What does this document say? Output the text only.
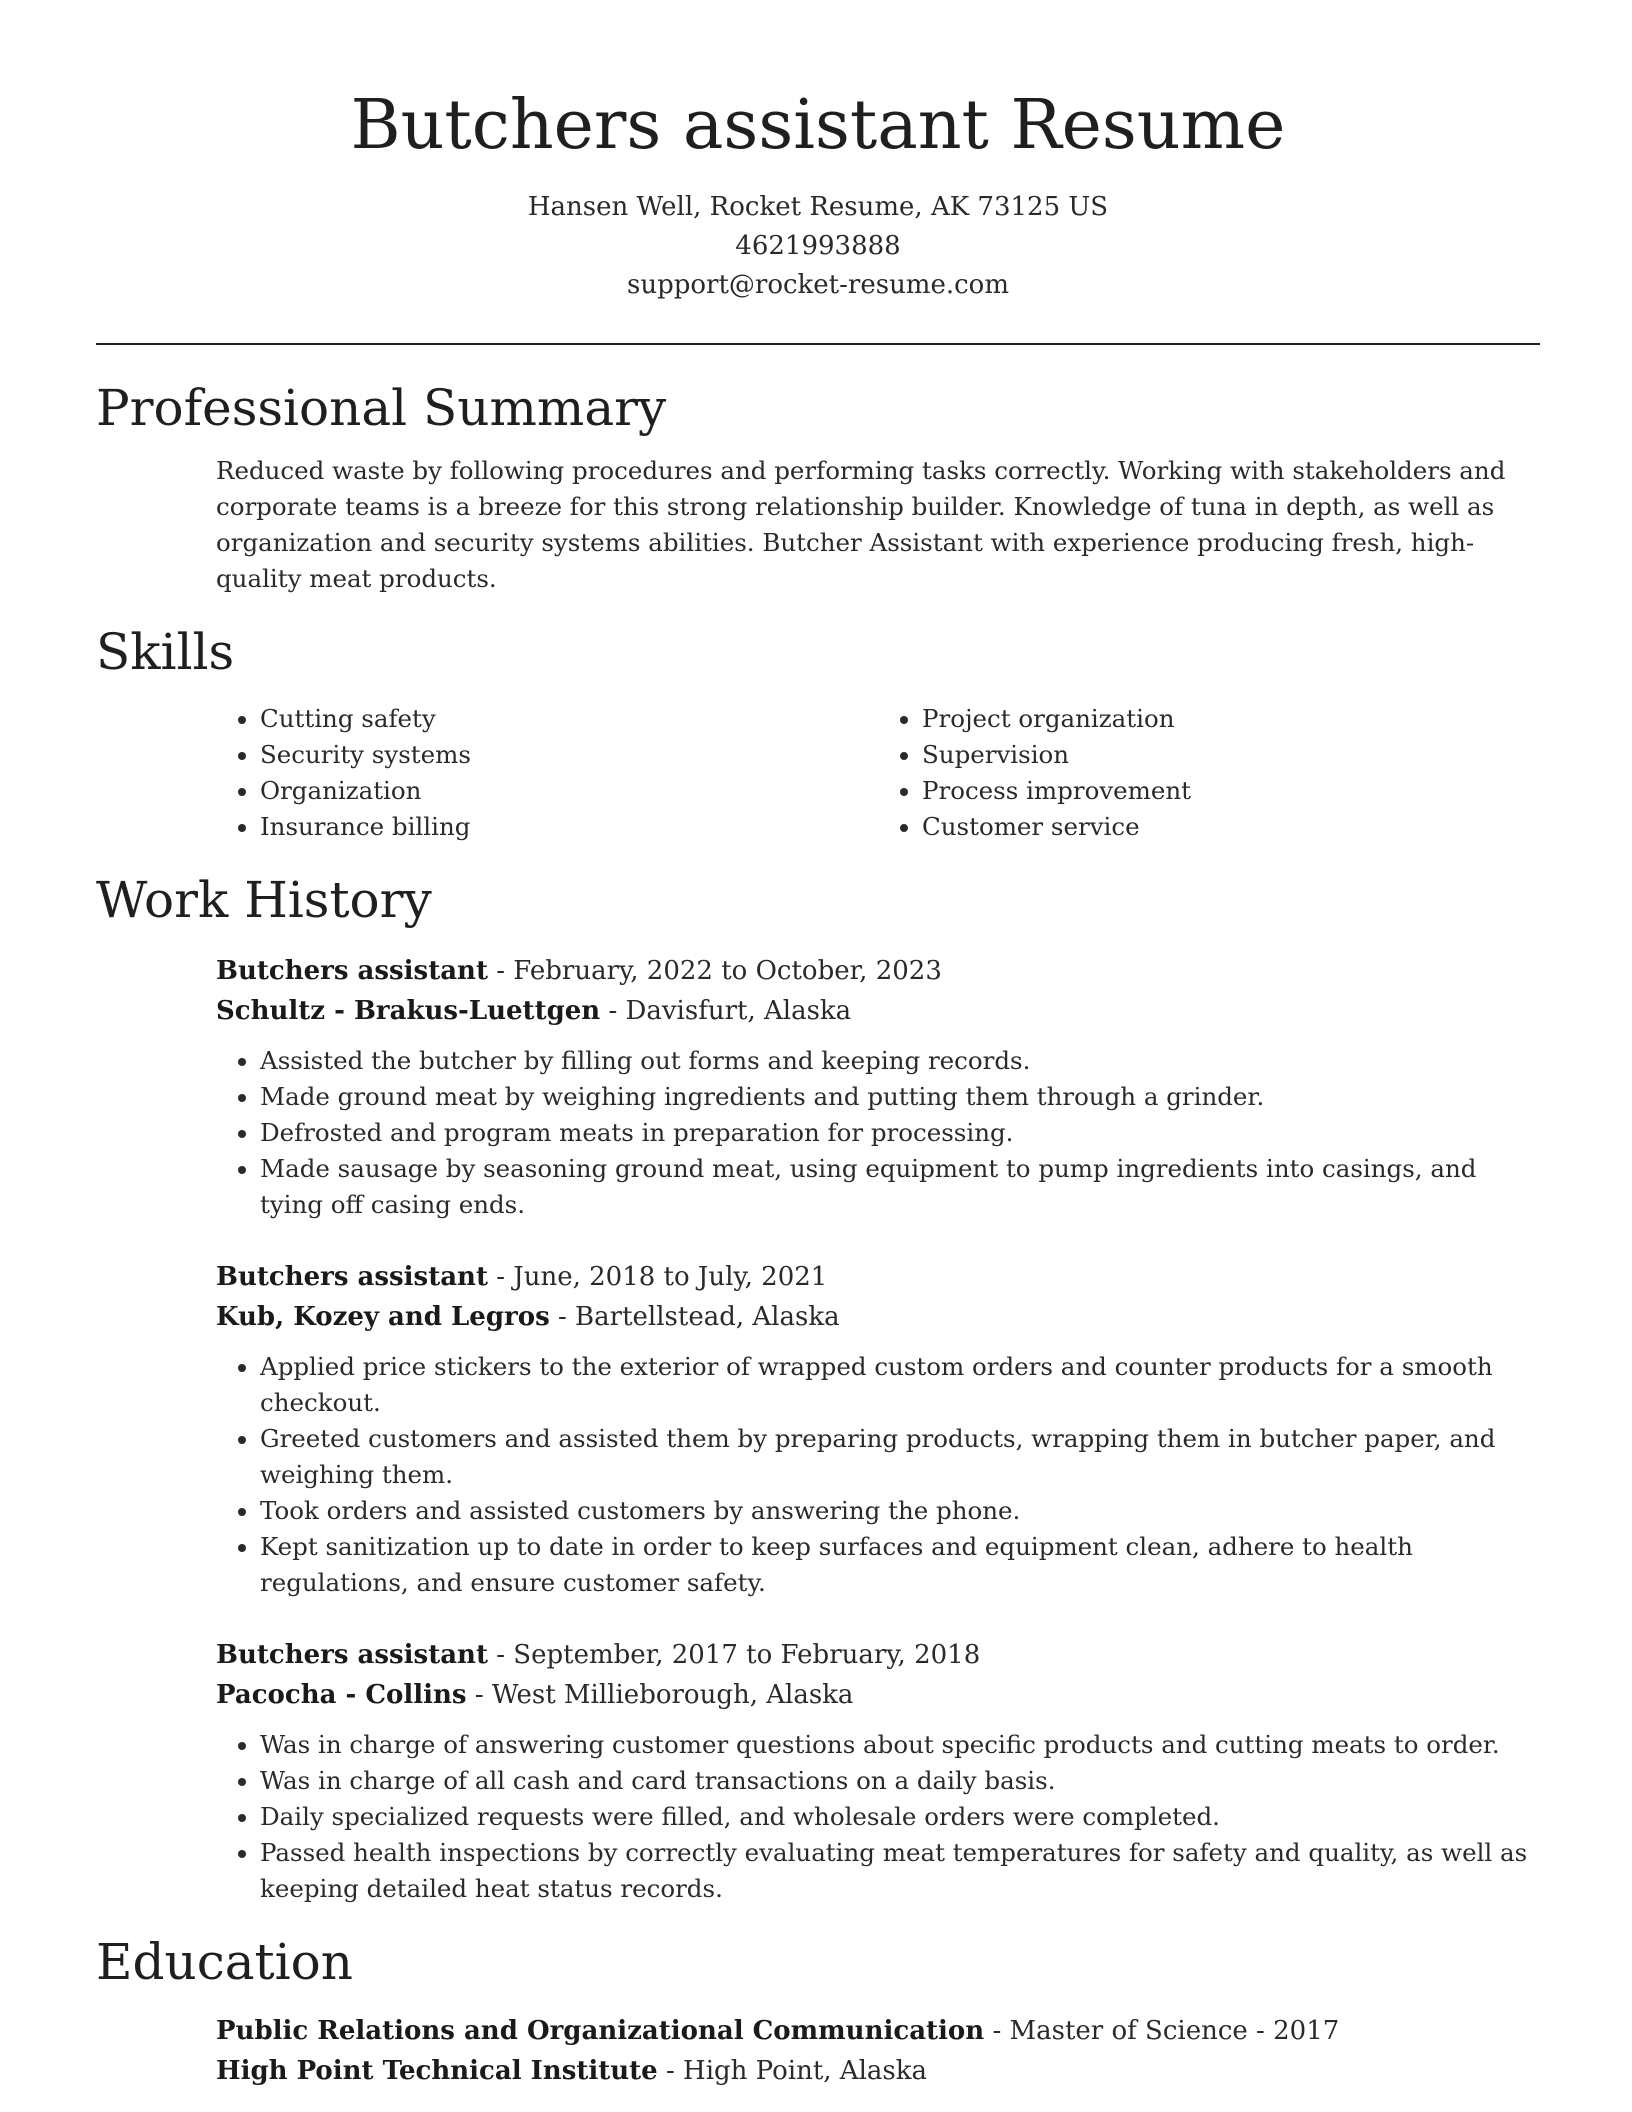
Butchers assistant Resume

Hansen Well, Rocket Resume, AK 73125 US

4621993888

support@rocket-resume.com

Professional Summary

Reduced waste by following procedures and performing tasks correctly. Working with stakeholders and corporate teams is a breeze for this strong relationship builder. Knowledge of tuna in depth, as well as organization and security systems abilities. Butcher Assistant with experience producing fresh, high-quality meat products.

Skills
• Cutting safety
• Security systems
• Organization
• Insurance billing
• Project organization
• Supervision
• Process improvement
• Customer service
Work History

Butchers assistant - February, 2022 to October, 2023

Schultz - Brakus-Luettgen - Davisfurt, Alaska

• Assisted the butcher by filling out forms and keeping records.
• Made ground meat by weighing ingredients and putting them through a grinder.
• Defrosted and program meats in preparation for processing.
• Made sausage by seasoning ground meat, using equipment to pump ingredients into casings, and tying off casing ends.

Butchers assistant - June, 2018 to July, 2021

Kub, Kozey and Legros - Bartellstead, Alaska

• Applied price stickers to the exterior of wrapped custom orders and counter products for a smooth checkout.
• Greeted customers and assisted them by preparing products, wrapping them in butcher paper, and weighing them.
• Took orders and assisted customers by answering the phone.
• Kept sanitization up to date in order to keep surfaces and equipment clean, adhere to health regulations, and ensure customer safety.

Butchers assistant - September, 2017 to February, 2018

Pacocha - Collins - West Millieborough, Alaska

• Was in charge of answering customer questions about specific products and cutting meats to order.
• Was in charge of all cash and card transactions on a daily basis.
• Daily specialized requests were filled, and wholesale orders were completed.
• Passed health inspections by correctly evaluating meat temperatures for safety and quality, as well as keeping detailed heat status records.
Education

Public Relations and Organizational Communication - Master of Science - 2017

High Point Technical Institute - High Point, Alaska
